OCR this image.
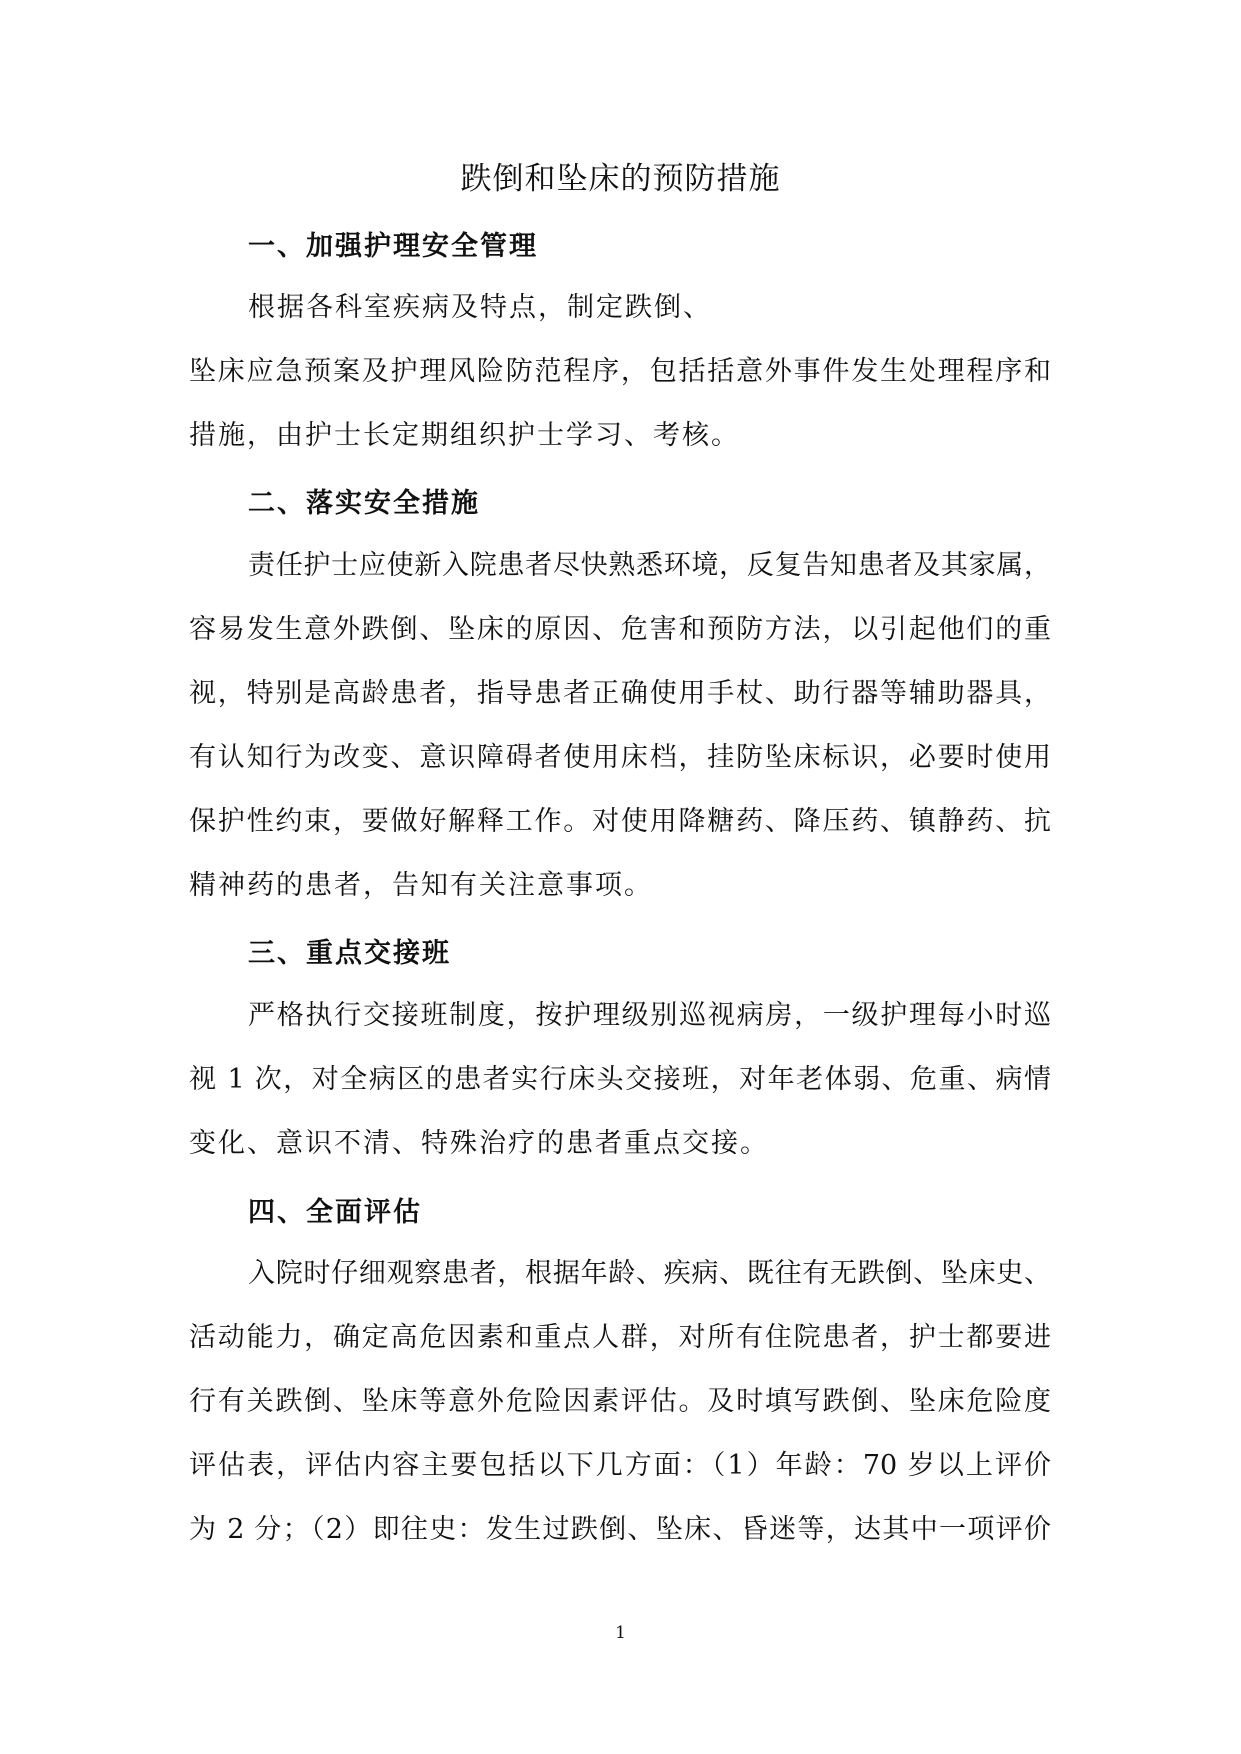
跌倒和坠床的预防措施
一、加强护理安全管理
根据各科室疾病及特点，制定跌倒、
坠床应急预案及护理风险防范程序，包括括意外事件发生处理程序和
措施，由护士长定期组织护士学习、考核。
二、落实安全措施
责任护士应使新入院患者尽快熟悉环境，反复告知患者及其家属，
容易发生意外跌倒、坠床的原因、危害和预防方法，以引起他们的重
视，特别是高龄患者，指导患者正确使用手杖、助行器等辅助器具，
有认知行为改变、意识障碍者使用床档，挂防坠床标识，必要时使用
保护性约束，要做好解释工作。对使用降糖药、降压药、镇静药、抗
精神药的患者，告知有关注意事项。
三、重点交接班
严格执行交接班制度，按护理级别巡视病房，一级护理每小时巡
视 1 次，对全病区的患者实行床头交接班，对年老体弱、危重、病情
变化、意识不清、特殊治疗的患者重点交接。
四、全面评估
入院时仔细观察患者，根据年龄、疾病、既往有无跌倒、坠床史、
活动能力，确定高危因素和重点人群，对所有住院患者，护士都要进
行有关跌倒、坠床等意外危险因素评估。及时填写跌倒、坠床危险度
评估表，评估内容主要包括以下几方面：（1）年龄：70 岁以上评价
为 2 分；（2）即往史：发生过跌倒、坠床、昏迷等，达其中一项评价
1
